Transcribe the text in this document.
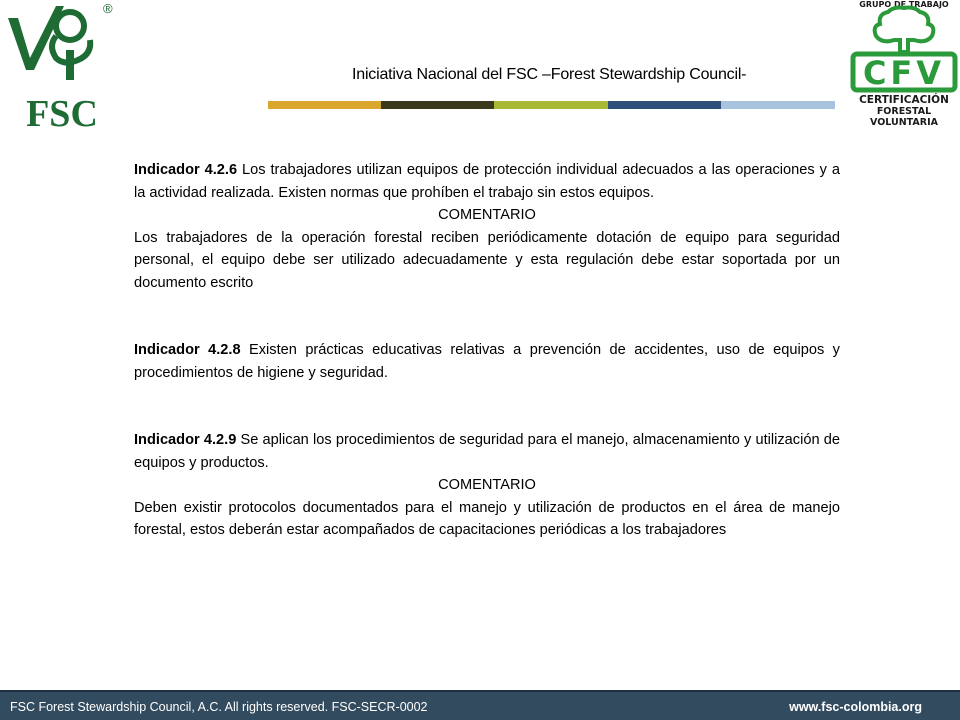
®
FSC
GRUPO DE TRABAJO
CFV
CERTIFICACIÓN
FORESTAL
VOLUNTARIA
Iniciativa Nacional del FSC –Forest Stewardship Council-

Indicador 4.2.6 Los trabajadores utilizan equipos de protección individual adecuados a las operaciones y a la actividad realizada. Existen normas que prohíben el trabajo sin estos equipos.

COMENTARIO

Los trabajadores de la operación forestal reciben periódicamente dotación de equipo para seguridad personal, el equipo debe ser utilizado adecuadamente y esta regulación debe estar soportada por un documento escrito

Indicador 4.2.8 Existen prácticas educativas relativas a prevención de accidentes, uso de equipos y procedimientos de higiene y seguridad.

Indicador 4.2.9 Se aplican los procedimientos de seguridad para el manejo, almacenamiento y utilización de equipos y productos.

COMENTARIO

Deben existir protocolos documentados para el manejo y utilización de productos en el área de manejo forestal, estos deberán estar acompañados de capacitaciones periódicas a los trabajadores

FSC Forest Stewardship Council, A.C. All rights reserved. FSC-SECR-0002	www.fsc-colombia.org
